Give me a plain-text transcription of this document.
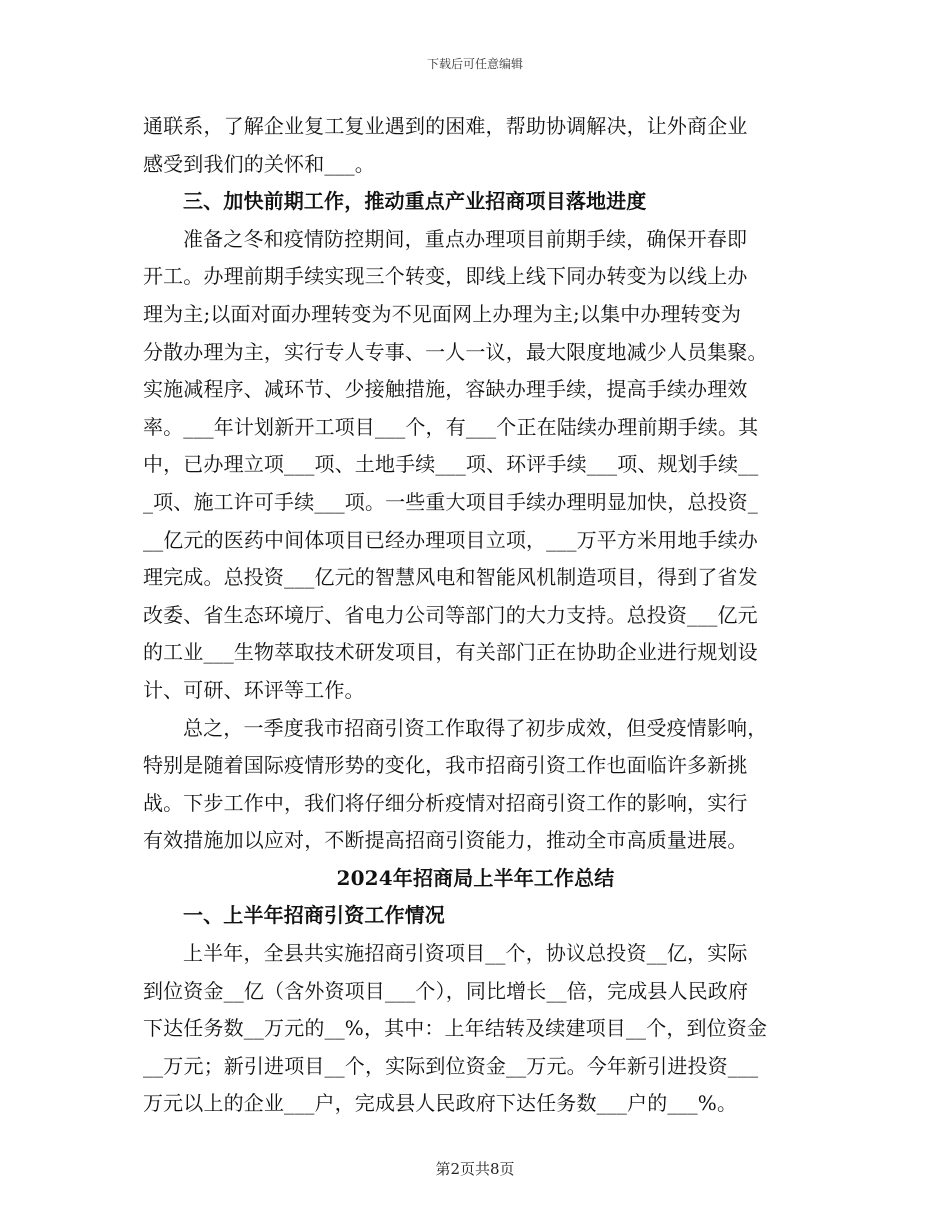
下载后可任意编辑
通联系，了解企业复工复业遇到的困难，帮助协调解决，让外商企业
感受到我们的关怀和___。
三、加快前期工作，推动重点产业招商项目落地进度
准备之冬和疫情防控期间，重点办理项目前期手续，确保开春即
开工。办理前期手续实现三个转变，即线上线下同办转变为以线上办
理为主;以面对面办理转变为不见面网上办理为主;以集中办理转变为
分散办理为主，实行专人专事、一人一议，最大限度地减少人员集聚。
实施减程序、减环节、少接触措施，容缺办理手续，提高手续办理效
率。___年计划新开工项目___个，有___个正在陆续办理前期手续。其
中，已办理立项___项、土地手续___项、环评手续___项、规划手续__
_项、施工许可手续___项。一些重大项目手续办理明显加快，总投资_
__亿元的医药中间体项目已经办理项目立项，___万平方米用地手续办
理完成。总投资___亿元的智慧风电和智能风机制造项目，得到了省发
改委、省生态环境厅、省电力公司等部门的大力支持。总投资___亿元
的工业___生物萃取技术研发项目，有关部门正在协助企业进行规划设
计、可研、环评等工作。
总之，一季度我市招商引资工作取得了初步成效，但受疫情影响，
特别是随着国际疫情形势的变化，我市招商引资工作也面临许多新挑
战。下步工作中，我们将仔细分析疫情对招商引资工作的影响，实行
有效措施加以应对，不断提高招商引资能力，推动全市高质量进展。
2024年招商局上半年工作总结
一、上半年招商引资工作情况
上半年，全县共实施招商引资项目__个，协议总投资__亿，实际
到位资金__亿（含外资项目___个），同比增长__倍，完成县人民政府
下达任务数__万元的__%，其中：上年结转及续建项目__个，到位资金
__万元；新引进项目__个，实际到位资金__万元。今年新引进投资___
万元以上的企业___户，完成县人民政府下达任务数___户的___%。
第2页共8页
